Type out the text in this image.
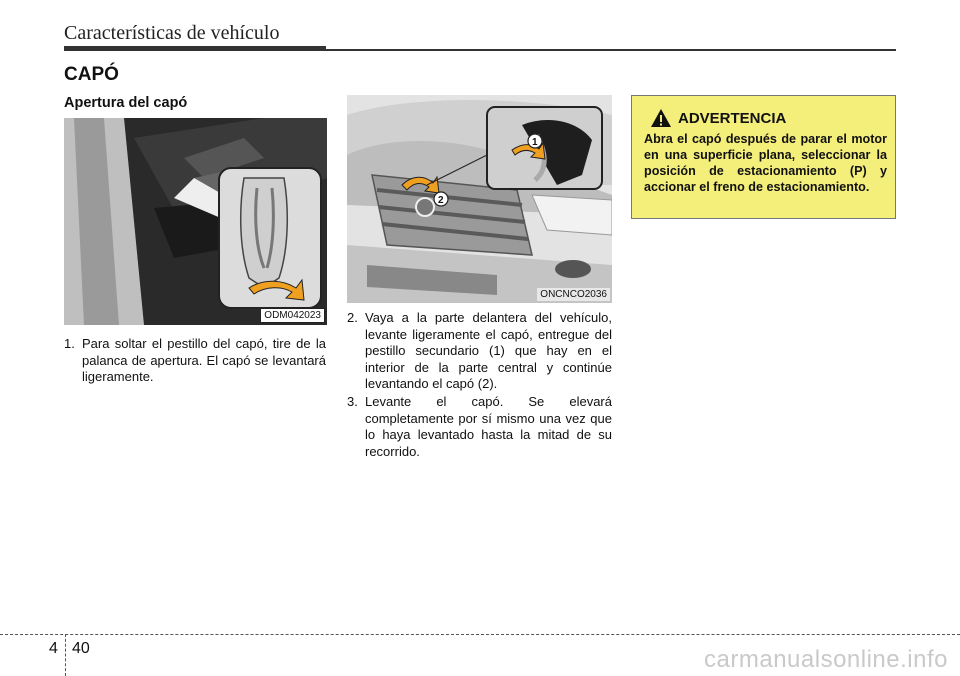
Características de vehículo
CAPÓ
Apertura del capó
ODM042023
1
2
ONCNCO2036
1. Para soltar el pestillo del capó, tire de la palanca de apertura. El capó se levantará ligeramente.
2. Vaya a la parte delantera del vehículo, levante ligeramente el capó, entregue del pestillo secundario (1) que hay en el interior de la parte central y continúe levantando el capó (2).
3. Levante el capó. Se elevará completamente por sí mismo una vez que lo haya levantado hasta la mitad de su recorrido.
ADVERTENCIA
Abra el capó después de parar el motor en una superficie plana, seleccionar la posición de estacionamiento (P) y accionar el freno de estacionamiento.
4 40	carmanualsonline.info
